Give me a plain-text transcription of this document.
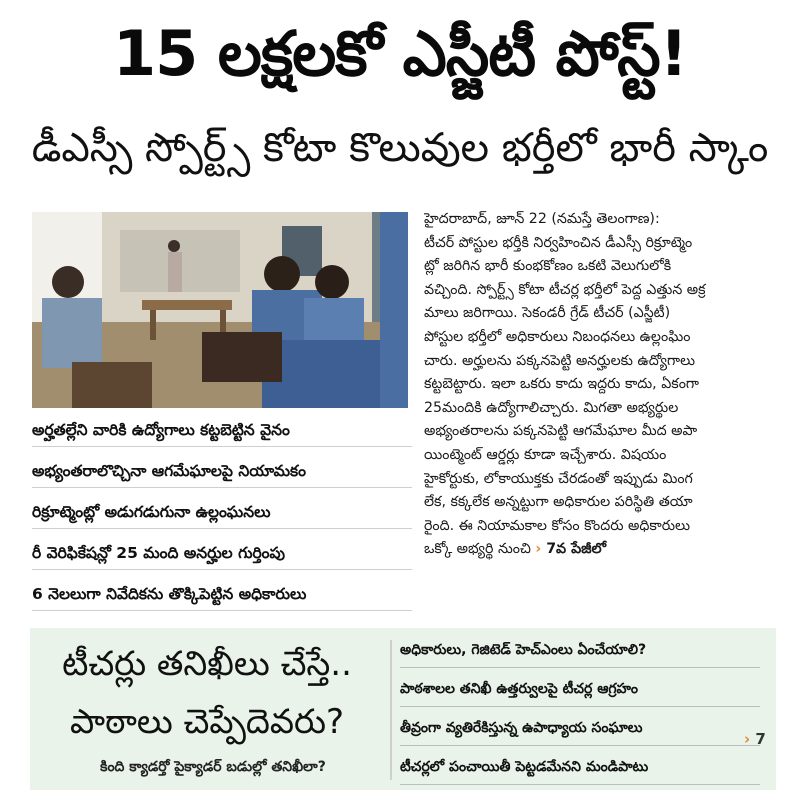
15 లక్షలకో ఎస్జీటీ పోస్ట్!
డీఎస్సీ స్పోర్ట్స్ కోటా కొలువుల భర్తీలో భారీ స్కాం
అర్హతల్లేని వారికి ఉద్యోగాలు కట్టబెట్టిన వైనం
అభ్యంతరాలొచ్చినా ఆగమేఘాలపై నియామకం
రిక్రూట్మెంట్లో అడుగడుగునా ఉల్లంఘనలు
రీ వెరిఫికేషన్లో 25 మంది అనర్హుల గుర్తింపు
6 నెలలుగా నివేదికను తొక్కిపెట్టిన అధికారులు
హైదరాబాద్, జూన్ 22 (నమస్తే తెలంగాణ):
టీచర్ పోస్టుల భర్తీకి నిర్వహించిన డీఎస్సీ రిక్రూట్మెం
ట్లో జరిగిన భారీ కుంభకోణం ఒకటి వెలుగులోకి
వచ్చింది. స్పోర్ట్స్ కోటా టీచర్ల భర్తీలో పెద్ద ఎత్తున అక్ర
మాలు జరిగాయి. సెకండరీ గ్రేడ్ టీచర్ (ఎస్జీటీ)
పోస్టుల భర్తీలో అధికారులు నిబంధనలు ఉల్లంఘిం
చారు. అర్హులను పక్కనపెట్టి అనర్హులకు ఉద్యోగాలు
కట్టబెట్టారు. ఇలా ఒకరు కాదు ఇద్దరు కాదు, ఏకంగా
25మందికి ఉద్యోగాలిచ్చారు. మిగతా అభ్యర్థుల
అభ్యంతరాలను పక్కనపెట్టి ఆగమేఘాల మీద అపా
యింట్మెంట్ ఆర్డర్లు కూడా ఇచ్చేశారు. విషయం
హైకోర్టుకు, లోకాయుక్తకు చేరడంతో ఇప్పుడు మింగ
లేక, కక్కలేక అన్నట్టుగా అధికారుల పరిస్థితి తయా
రైంది. ఈ నియామకాల కోసం కొందరు అధికారులు
ఒక్కో అభ్యర్థి నుంచి › 7వ పేజీలో
టీచర్లు తనిఖీలు చేస్తే..
పాఠాలు చెప్పేదెవరు?
కింది క్యాడర్తో పైక్యాడర్ బడుల్లో తనిఖీలా?
అధికారులు, గెజిటెడ్ హెచ్ఎంలు ఏంచేయాలి?
పాఠశాలల తనిఖీ ఉత్తర్వులపై టీచర్ల ఆగ్రహం
తీవ్రంగా వ్యతిరేకిస్తున్న ఉపాధ్యాయ సంఘాలు
టీచర్లలో పంచాయితీ పెట్టడమేనని మండిపాటు
› 7
